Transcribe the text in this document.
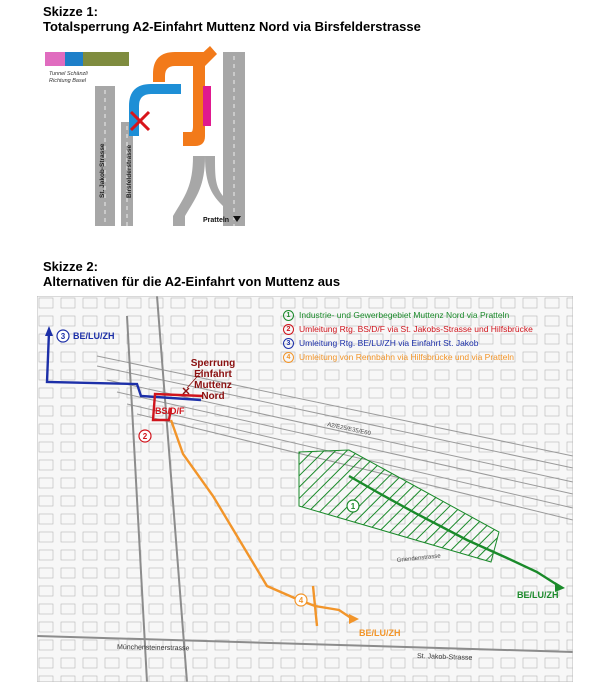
Skizze 1:
Totalsperrung A2-Einfahrt Muttenz Nord via Birsfelderstrasse
Tunnel Schänzli
Richtung Basel
St. Jakob-Strasse	Birsfelderstrasse
Pratteln
Skizze 2:
Alternativen für die A2-Einfahrt von Muttenz aus
A2/E25/E35/E60
Griendenstrasse
Münchensteinerstrasse
St. Jakob-Strasse
1
BE/LU/ZH
3 BE/LU/ZH
2
BS/D/F
4
BE/LU/ZH
Sperrung
Einfahrt
Muttenz
Nord
1	Industrie- und Gewerbegebiet Muttenz Nord via Pratteln
2	Umleitung Rtg. BS/D/F via St. Jakobs-Strasse und Hilfsbrücke
3	Umleitung Rtg. BE/LU/ZH via Einfahrt St. Jakob
4	Umleitung von Rennbahn via Hilfsbrücke und via Pratteln
